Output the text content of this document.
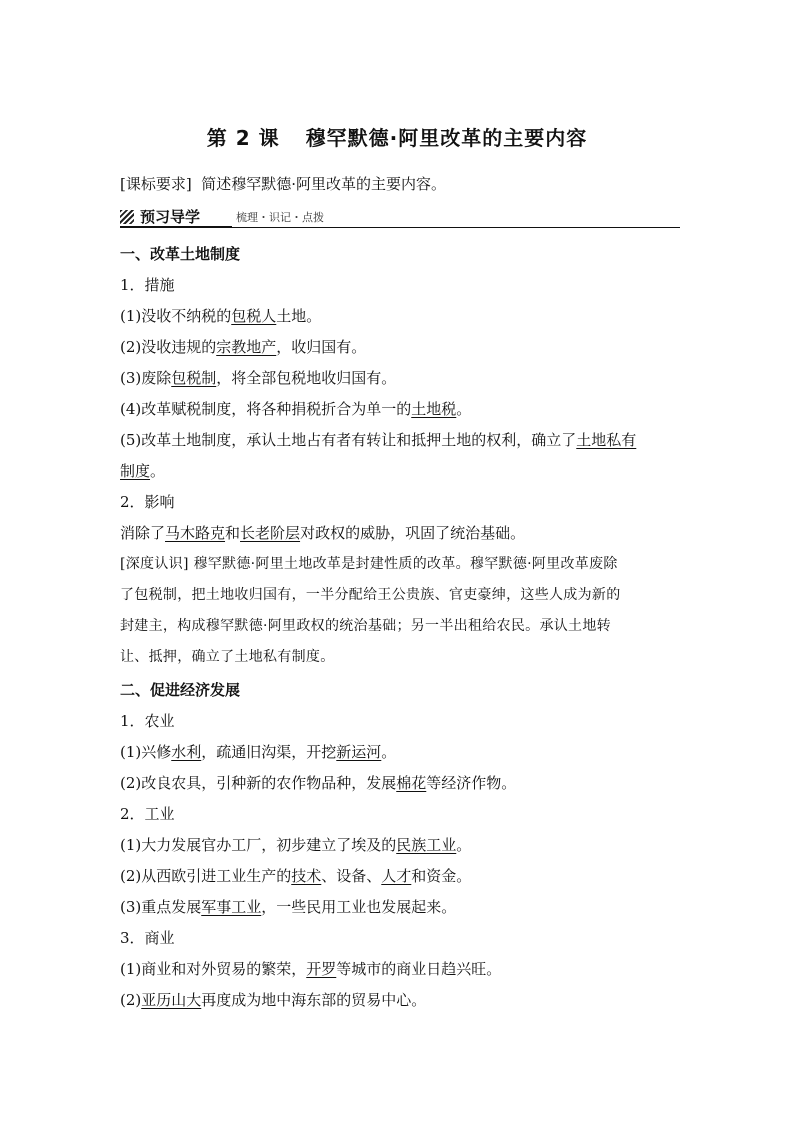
第 2 课 穆罕默德·阿里改革的主要内容
[课标要求] 简述穆罕默德·阿里改革的主要内容。
预习导学	梳理・识记・点拨
一、改革土地制度
1．措施
(1)没收不纳税的包税人土地。
(2)没收违规的宗教地产，收归国有。
(3)废除包税制，将全部包税地收归国有。
(4)改革赋税制度，将各种捐税折合为单一的土地税。
(5)改革土地制度，承认土地占有者有转让和抵押土地的权利，确立了土地私有
制度。
2．影响
消除了马木路克和长老阶层对政权的威胁，巩固了统治基础。
[深度认识] 穆罕默德·阿里土地改革是封建性质的改革。穆罕默德·阿里改革废除
了包税制，把土地收归国有，一半分配给王公贵族、官吏豪绅，这些人成为新的
封建主，构成穆罕默德·阿里政权的统治基础；另一半出租给农民。承认土地转
让、抵押，确立了土地私有制度。
二、促进经济发展
1．农业
(1)兴修水利，疏通旧沟渠，开挖新运河。
(2)改良农具，引种新的农作物品种，发展棉花等经济作物。
2．工业
(1)大力发展官办工厂，初步建立了埃及的民族工业。
(2)从西欧引进工业生产的技术、设备、人才和资金。
(3)重点发展军事工业，一些民用工业也发展起来。
3．商业
(1)商业和对外贸易的繁荣，开罗等城市的商业日趋兴旺。
(2)亚历山大再度成为地中海东部的贸易中心。
